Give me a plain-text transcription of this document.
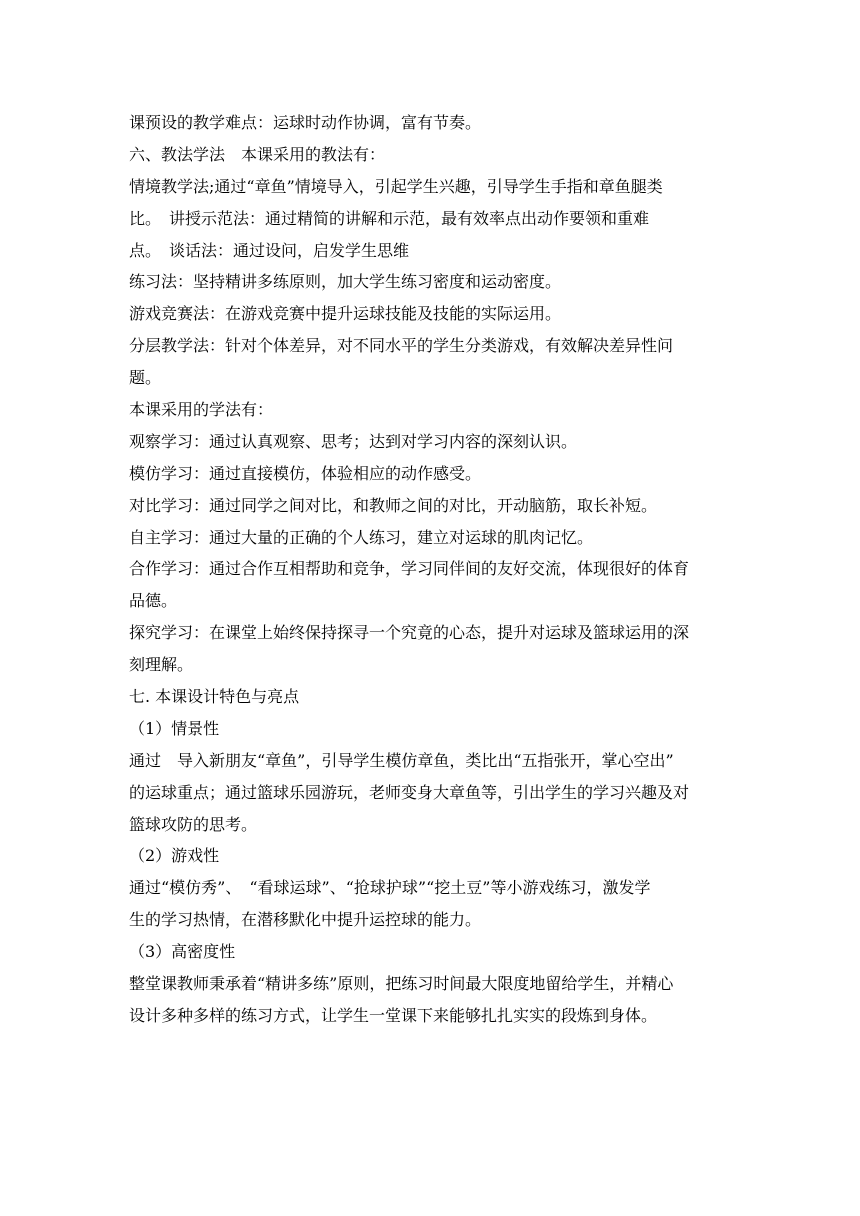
课预设的教学难点：运球时动作协调，富有节奏。
六、教法学法　本课采用的教法有：
情境教学法;通过“章鱼”情境导入，引起学生兴趣，引导学生手指和章鱼腿类
比。　讲授示范法：通过精简的讲解和示范，最有效率点出动作要领和重难
点。　谈话法：通过设问，启发学生思维
练习法：坚持精讲多练原则，加大学生练习密度和运动密度。
游戏竞赛法：在游戏竞赛中提升运球技能及技能的实际运用。
分层教学法：针对个体差异，对不同水平的学生分类游戏，有效解决差异性问
题。
本课采用的学法有：
观察学习：通过认真观察、思考；达到对学习内容的深刻认识。
模仿学习：通过直接模仿，体验相应的动作感受。
对比学习：通过同学之间对比，和教师之间的对比，开动脑筋，取长补短。
自主学习：通过大量的正确的个人练习，建立对运球的肌肉记忆。
合作学习：通过合作互相帮助和竞争，学习同伴间的友好交流，体现很好的体育
品德。
探究学习：在课堂上始终保持探寻一个究竟的心态，提升对运球及篮球运用的深
刻理解。
七. 本课设计特色与亮点
（1）情景性
通过　导入新朋友“章鱼”，引导学生模仿章鱼，类比出“五指张开，掌心空出”
的运球重点；通过篮球乐园游玩，老师变身大章鱼等，引出学生的学习兴趣及对
篮球攻防的思考。
（2）游戏性
通过“模仿秀”、　“看球运球”、“抢球护球”“挖土豆”等小游戏练习，激发学
生的学习热情，在潜移默化中提升运控球的能力。
（3）高密度性
整堂课教师秉承着“精讲多练”原则，把练习时间最大限度地留给学生，并精心
设计多种多样的练习方式，让学生一堂课下来能够扎扎实实的段炼到身体。
